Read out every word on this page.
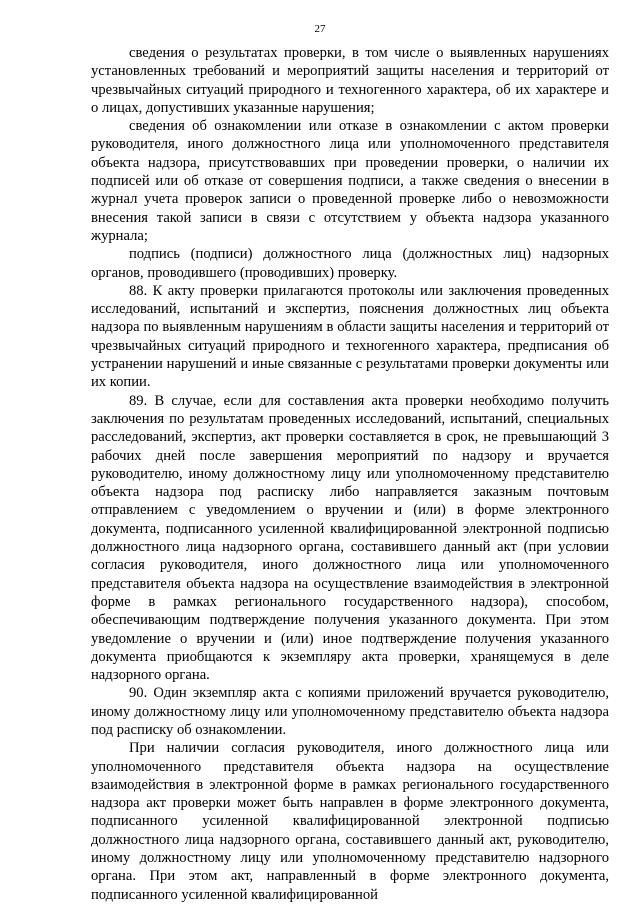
27

сведения о результатах проверки, в том числе о выявленных нарушениях установленных требований и мероприятий защиты населения и территорий от чрезвычайных ситуаций природного и техногенного характера, об их характере и о лицах, допустивших указанные нарушения;

сведения об ознакомлении или отказе в ознакомлении с актом проверки руководителя, иного должностного лица или уполномоченного представителя объекта надзора, присутствовавших при проведении проверки, о наличии их подписей или об отказе от совершения подписи, а также сведения о внесении в журнал учета проверок записи о проведенной проверке либо о невозможности внесения такой записи в связи с отсутствием у объекта надзора указанного журнала;

подпись (подписи) должностного лица (должностных лиц) надзорных органов, проводившего (проводивших) проверку.

88. К акту проверки прилагаются протоколы или заключения проведенных исследований, испытаний и экспертиз, пояснения должностных лиц объекта надзора по выявленным нарушениям в области защиты населения и территорий от чрезвычайных ситуаций природного и техногенного характера, предписания об устранении нарушений и иные связанные с результатами проверки документы или их копии.

89. В случае, если для составления акта проверки необходимо получить заключения по результатам проведенных исследований, испытаний, специальных расследований, экспертиз, акт проверки составляется в срок, не превышающий 3 рабочих дней после завершения мероприятий по надзору и вручается руководителю, иному должностному лицу или уполномоченному представителю объекта надзора под расписку либо направляется заказным почтовым отправлением с уведомлением о вручении и (или) в форме электронного документа, подписанного усиленной квалифицированной электронной подписью должностного лица надзорного органа, составившего данный акт (при условии согласия руководителя, иного должностного лица или уполномоченного представителя объекта надзора на осуществление взаимодействия в электронной форме в рамках регионального государственного надзора), способом, обеспечивающим подтверждение получения указанного документа. При этом уведомление о вручении и (или) иное подтверждение получения указанного документа приобщаются к экземпляру акта проверки, хранящемуся в деле надзорного органа.

90. Один экземпляр акта с копиями приложений вручается руководителю, иному должностному лицу или уполномоченному представителю объекта надзора под расписку об ознакомлении.

При наличии согласия руководителя, иного должностного лица или уполномоченного представителя объекта надзора на осуществление взаимодействия в электронной форме в рамках регионального государственного надзора акт проверки может быть направлен в форме электронного документа, подписанного усиленной квалифицированной электронной подписью должностного лица надзорного органа, составившего данный акт, руководителю, иному должностному лицу или уполномоченному представителю надзорного органа. При этом акт, направленный в форме электронного документа, подписанного усиленной квалифицированной
